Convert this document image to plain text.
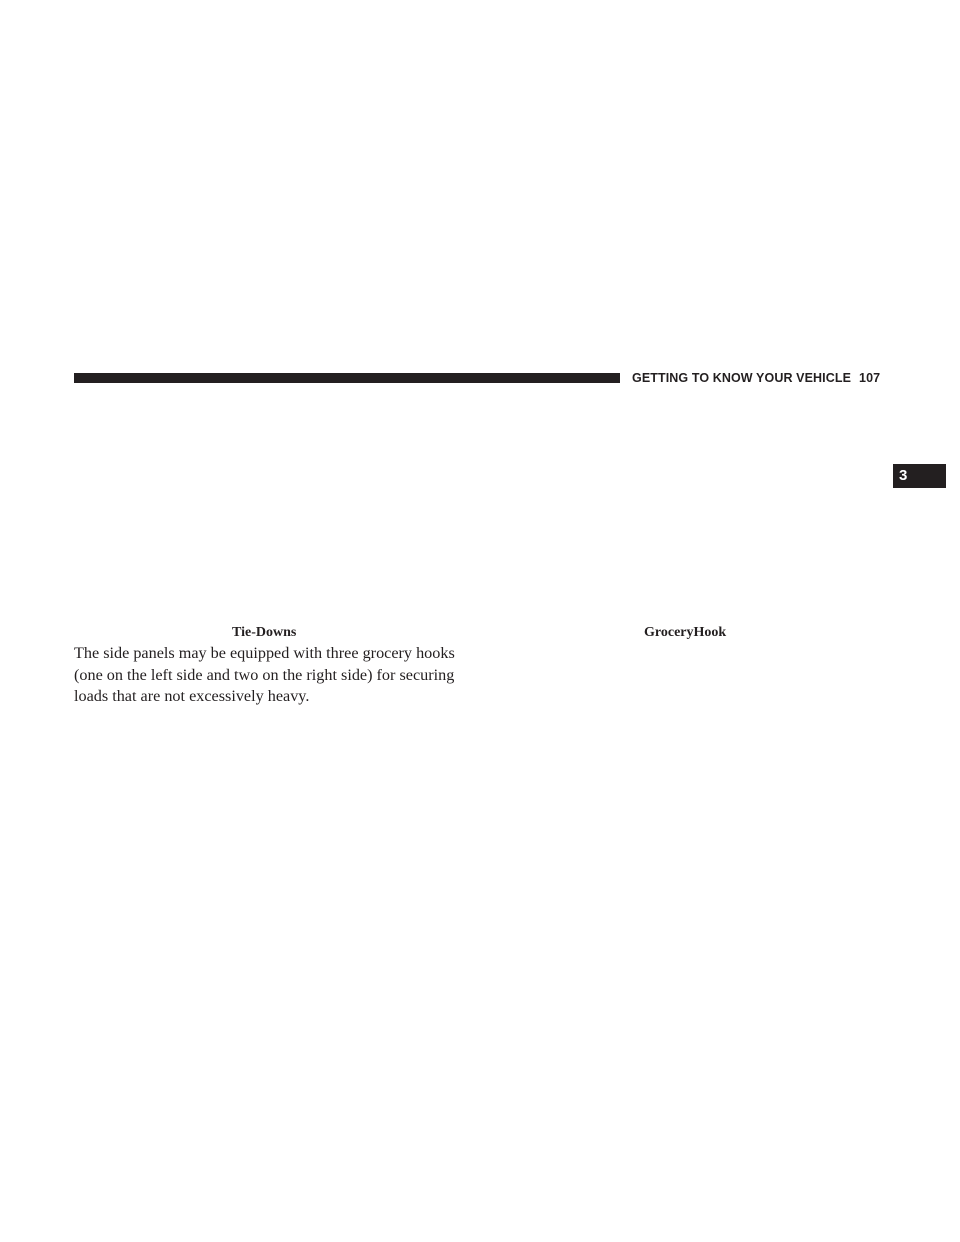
GETTING TO KNOW YOUR VEHICLE 107
3
Tie-Downs	GroceryHook
The side panels may be equipped with three grocery hooks
(one on the left side and two on the right side) for securing
loads that are not excessively heavy.
